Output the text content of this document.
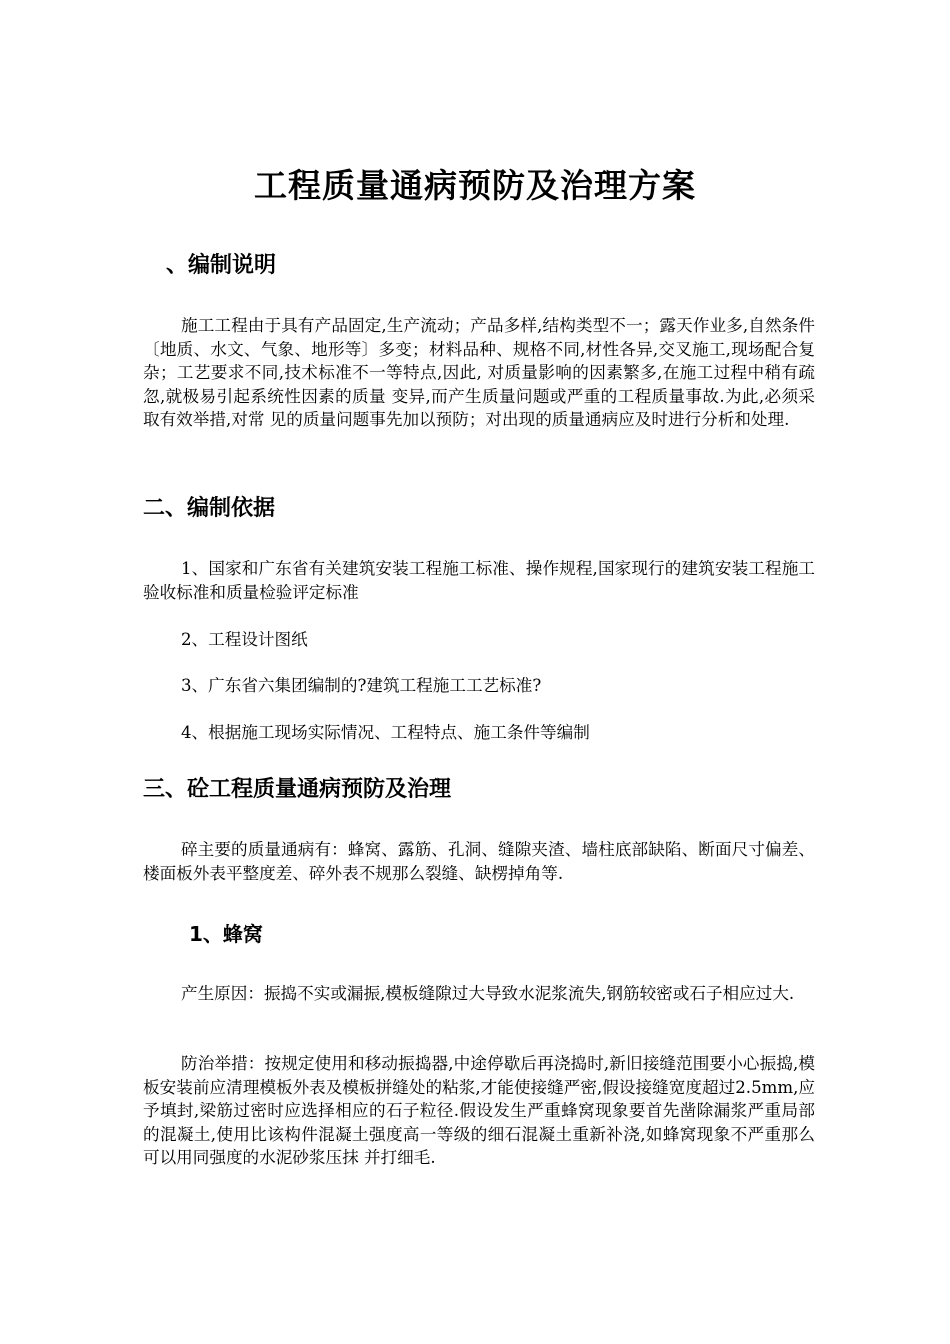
工程质量通病预防及治理方案
、编制说明
施工工程由于具有产品固定,生产流动；产品多样,结构类型不一；露天作业多,自然条件〔地质、水文、气象、地形等〕多变；材料品种、规格不同,材性各异,交叉施工,现场配合复杂；工艺要求不同,技术标准不一等特点,因此, 对质量影响的因素繁多,在施工过程中稍有疏忽,就极易引起系统性因素的质量 变异,而产生质量问题或严重的工程质量事故.为此,必须采取有效举措,对常 见的质量问题事先加以预防；对出现的质量通病应及时进行分析和处理.
二、编制依据
1、国家和广东省有关建筑安装工程施工标准、操作规程,国家现行的建筑安装工程施工验收标准和质量检验评定标准
2、工程设计图纸
3、广东省六集团编制的?建筑工程施工工艺标准?
4、根据施工现场实际情况、工程特点、施工条件等编制
三、砼工程质量通病预防及治理
碎主要的质量通病有：蜂窝、露筋、孔洞、缝隙夹渣、墙柱底部缺陷、断面尺寸偏差、楼面板外表平整度差、碎外表不规那么裂缝、缺楞掉角等.
1、蜂窝
产生原因：振捣不实或漏振,模板缝隙过大导致水泥浆流失,钢筋较密或石子相应过大.
防治举措：按规定使用和移动振捣器,中途停歇后再浇捣时,新旧接缝范围要小心振捣,模板安装前应清理模板外表及模板拼缝处的粘浆,才能使接缝严密,假设接缝宽度超过2.5mm,应予填封,梁筋过密时应选择相应的石子粒径.假设发生严重蜂窝现象要首先凿除漏浆严重局部的混凝土,使用比该构件混凝土强度高一等级的细石混凝土重新补浇,如蜂窝现象不严重那么可以用同强度的水泥砂浆压抹 并打细毛.
